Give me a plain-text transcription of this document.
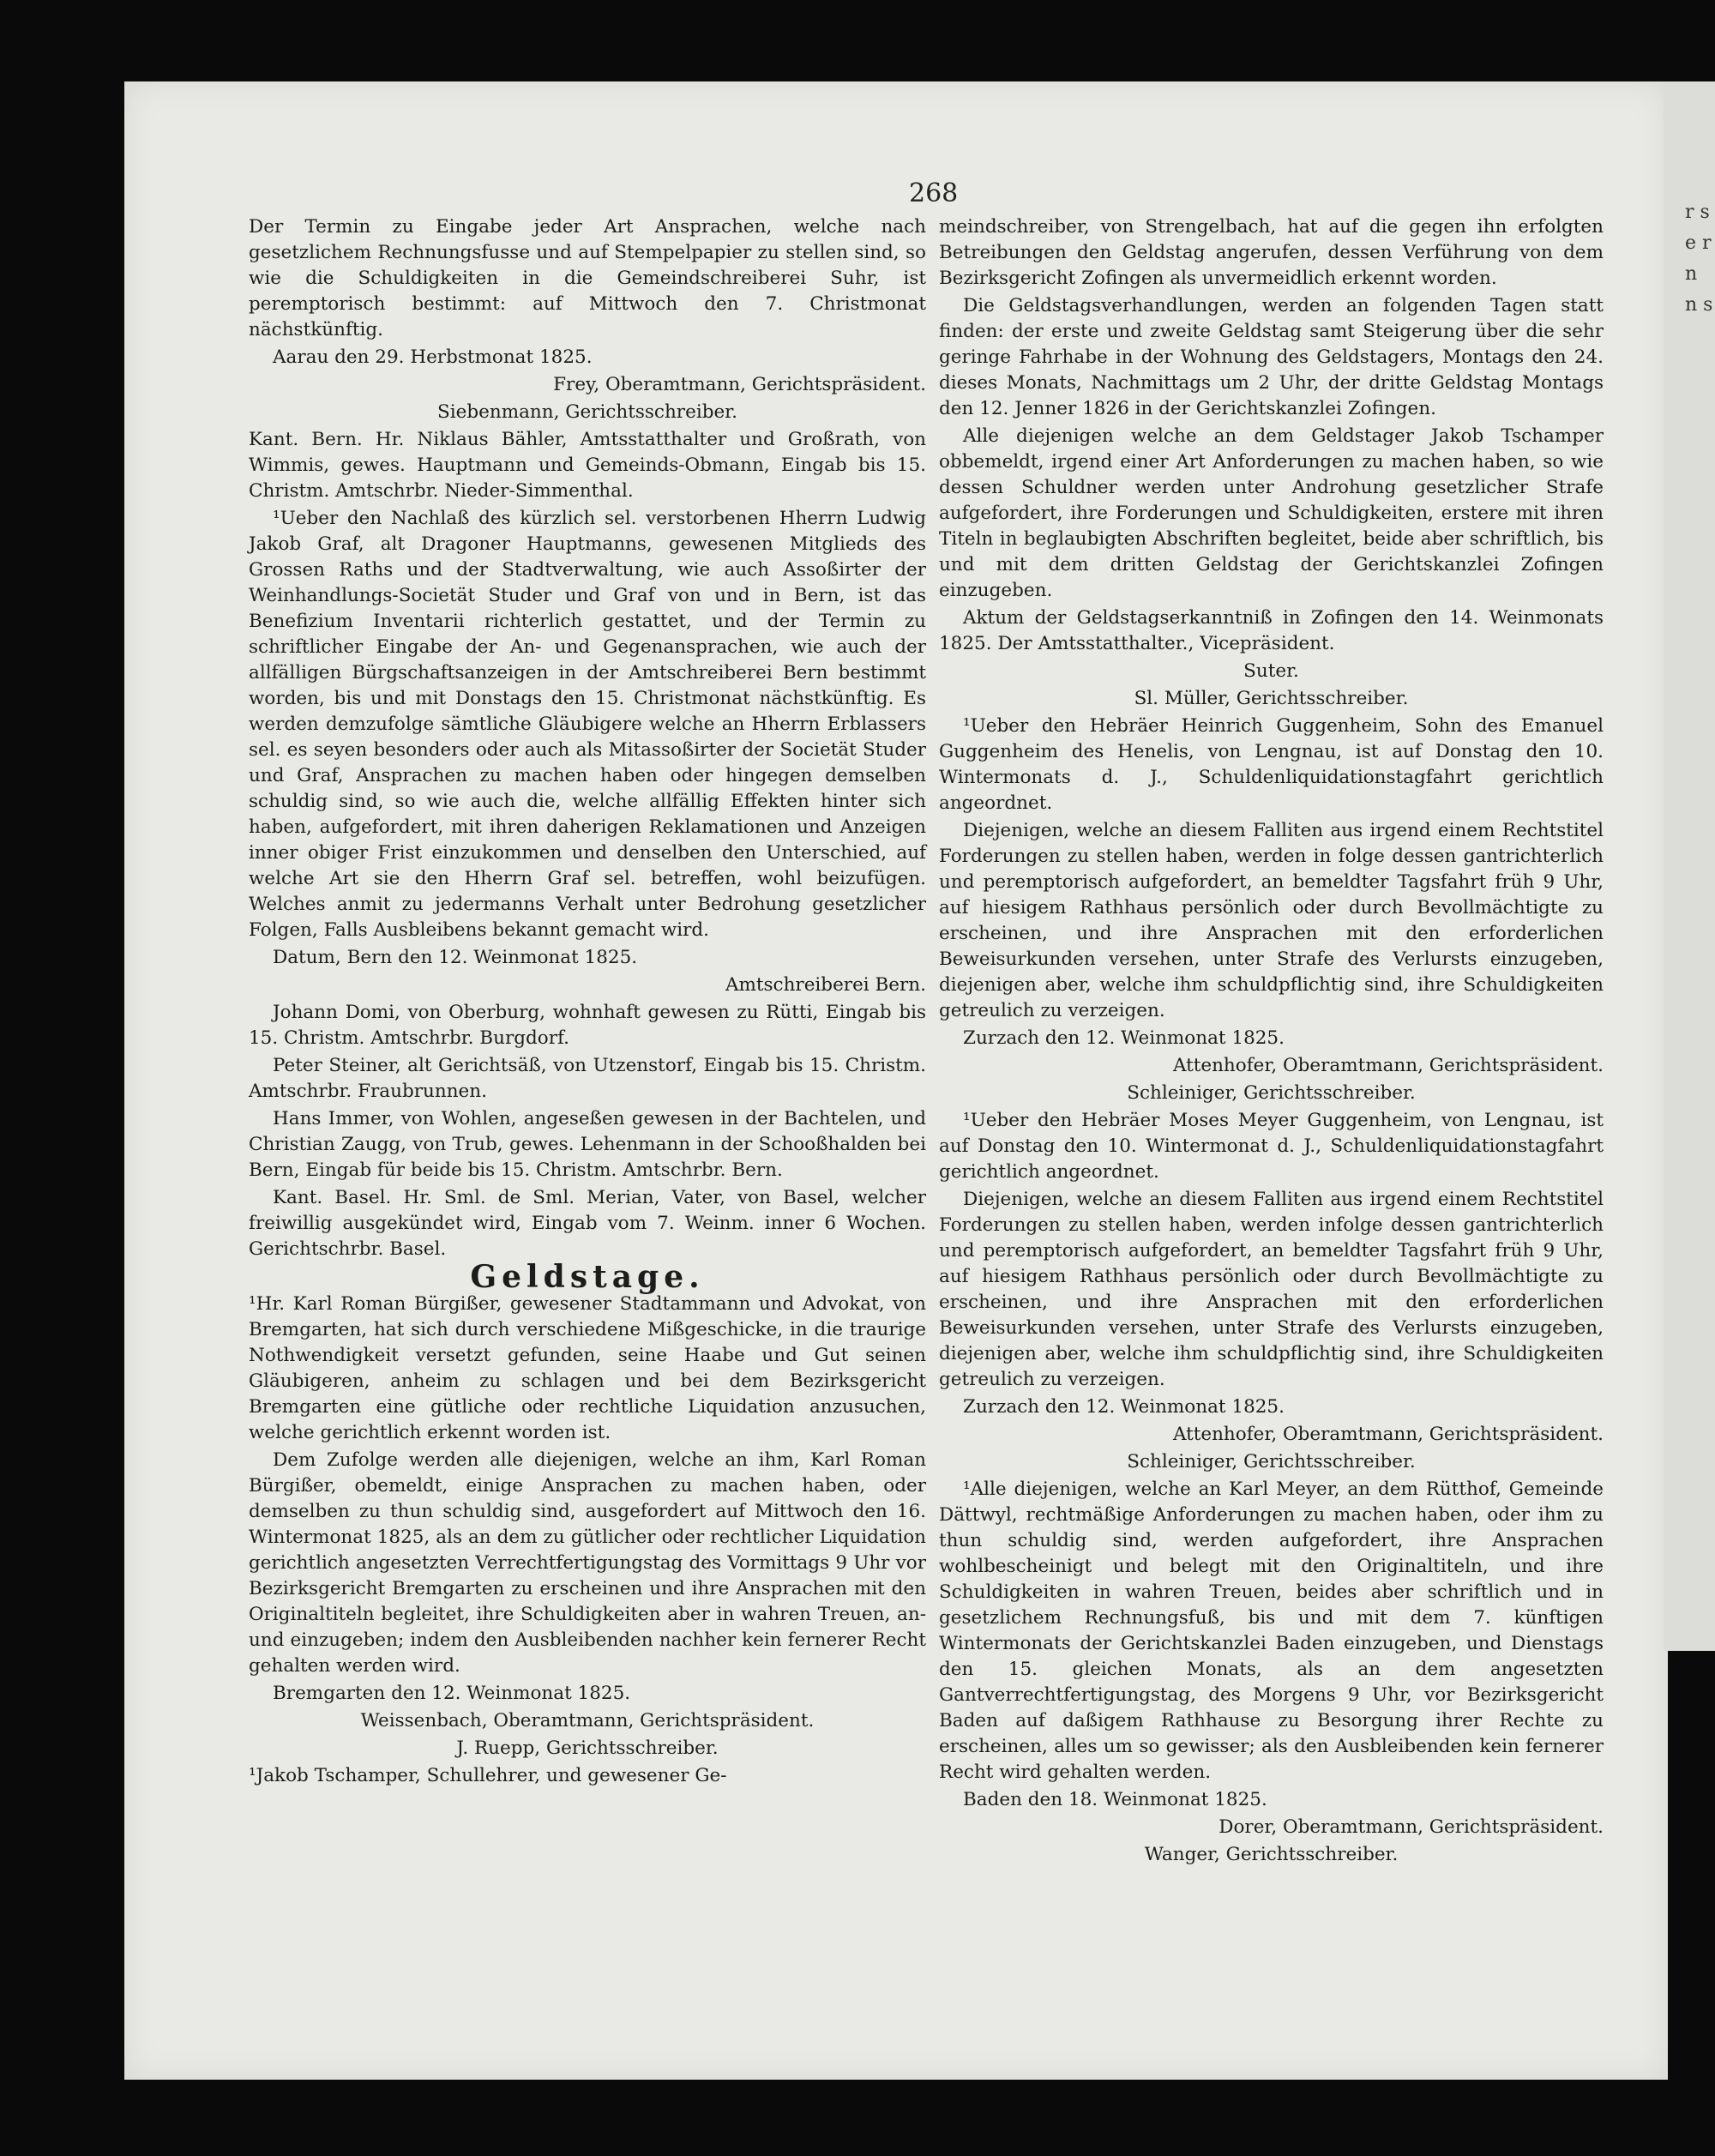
r s e r n n s
268

Der Termin zu Eingabe jeder Art Ansprachen, welche nach gesetzlichem Rechnungsfusse und auf Stempelpapier zu stellen sind, so wie die Schuldigkeiten in die Gemeindschreiberei Suhr, ist peremptorisch bestimmt: auf Mittwoch den 7. Christmonat nächstkünftig.

Aarau den 29. Herbstmonat 1825.

Frey, Oberamtmann, Gerichtspräsident.

Siebenmann, Gerichtsschreiber.

Kant. Bern. Hr. Niklaus Bähler, Amtsstatthalter und Großrath, von Wimmis, gewes. Hauptmann und Gemeinds-Obmann, Eingab bis 15. Christm. Amtschrbr. Nieder-Simmenthal.

¹Ueber den Nachlaß des kürzlich sel. verstorbenen Hherrn Ludwig Jakob Graf, alt Dragoner Hauptmanns, gewesenen Mitglieds des Grossen Raths und der Stadtverwaltung, wie auch Assoßirter der Weinhandlungs-Societät Studer und Graf von und in Bern, ist das Benefizium Inventarii richterlich gestattet, und der Termin zu schriftlicher Eingabe der An- und Gegenansprachen, wie auch der allfälligen Bürgschaftsanzeigen in der Amtschreiberei Bern bestimmt worden, bis und mit Donstags den 15. Christmonat nächstkünftig. Es werden demzufolge sämtliche Gläubigere welche an Hherrn Erblassers sel. es seyen besonders oder auch als Mitassoßirter der Societät Studer und Graf, Ansprachen zu machen haben oder hingegen demselben schuldig sind, so wie auch die, welche allfällig Effekten hinter sich haben, aufgefordert, mit ihren daherigen Reklamationen und Anzeigen inner obiger Frist einzukommen und denselben den Unterschied, auf welche Art sie den Hherrn Graf sel. betreffen, wohl beizufügen. Welches anmit zu jedermanns Verhalt unter Bedrohung gesetzlicher Folgen, Falls Ausbleibens bekannt gemacht wird.

Datum, Bern den 12. Weinmonat 1825.

Amtschreiberei Bern.

Johann Domi, von Oberburg, wohnhaft gewesen zu Rütti, Eingab bis 15. Christm. Amtschrbr. Burgdorf.

Peter Steiner, alt Gerichtsäß, von Utzenstorf, Eingab bis 15. Christm. Amtschrbr. Fraubrunnen.

Hans Immer, von Wohlen, angeseßen gewesen in der Bachtelen, und Christian Zaugg, von Trub, gewes. Lehenmann in der Schooßhalden bei Bern, Eingab für beide bis 15. Christm. Amtschrbr. Bern.

Kant. Basel. Hr. Sml. de Sml. Merian, Vater, von Basel, welcher freiwillig ausgekündet wird, Eingab vom 7. Weinm. inner 6 Wochen. Gerichtschrbr. Basel.

Geldstage.

¹Hr. Karl Roman Bürgißer, gewesener Stadtammann und Advokat, von Bremgarten, hat sich durch verschiedene Mißgeschicke, in die traurige Nothwendigkeit versetzt gefunden, seine Haabe und Gut seinen Gläubigeren, anheim zu schlagen und bei dem Bezirksgericht Bremgarten eine gütliche oder rechtliche Liquidation anzusuchen, welche gerichtlich erkennt worden ist.

Dem Zufolge werden alle diejenigen, welche an ihm, Karl Roman Bürgißer, obemeldt, einige Ansprachen zu machen haben, oder demselben zu thun schuldig sind, ausgefordert auf Mittwoch den 16. Wintermonat 1825, als an dem zu gütlicher oder rechtlicher Liquidation gerichtlich angesetzten Verrechtfertigungstag des Vormittags 9 Uhr vor Bezirksgericht Bremgarten zu erscheinen und ihre Ansprachen mit den Originaltiteln begleitet, ihre Schuldigkeiten aber in wahren Treuen, an- und einzugeben; indem den Ausbleibenden nachher kein fernerer Recht gehalten werden wird.

Bremgarten den 12. Weinmonat 1825.

Weissenbach, Oberamtmann, Gerichtspräsident.

J. Ruepp, Gerichtsschreiber.

¹Jakob Tschamper, Schullehrer, und gewesener Ge-

meindschreiber, von Strengelbach, hat auf die gegen ihn erfolgten Betreibungen den Geldstag angerufen, dessen Verführung von dem Bezirksgericht Zofingen als unvermeidlich erkennt worden.

Die Geldstagsverhandlungen, werden an folgenden Tagen statt finden: der erste und zweite Geldstag samt Steigerung über die sehr geringe Fahrhabe in der Wohnung des Geldstagers, Montags den 24. dieses Monats, Nachmittags um 2 Uhr, der dritte Geldstag Montags den 12. Jenner 1826 in der Gerichtskanzlei Zofingen.

Alle diejenigen welche an dem Geldstager Jakob Tschamper obbemeldt, irgend einer Art Anforderungen zu machen haben, so wie dessen Schuldner werden unter Androhung gesetzlicher Strafe aufgefordert, ihre Forderungen und Schuldigkeiten, erstere mit ihren Titeln in beglaubigten Abschriften begleitet, beide aber schriftlich, bis und mit dem dritten Geldstag der Gerichtskanzlei Zofingen einzugeben.

Aktum der Geldstagserkanntniß in Zofingen den 14. Weinmonats 1825. Der Amtsstatthalter., Vicepräsident.

Suter.

Sl. Müller, Gerichtsschreiber.

¹Ueber den Hebräer Heinrich Guggenheim, Sohn des Emanuel Guggenheim des Henelis, von Lengnau, ist auf Donstag den 10. Wintermonats d. J., Schuldenliquidationstagfahrt gerichtlich angeordnet.

Diejenigen, welche an diesem Falliten aus irgend einem Rechtstitel Forderungen zu stellen haben, werden in folge dessen gantrichterlich und peremptorisch aufgefordert, an bemeldter Tagsfahrt früh 9 Uhr, auf hiesigem Rathhaus persönlich oder durch Bevollmächtigte zu erscheinen, und ihre Ansprachen mit den erforderlichen Beweisurkunden versehen, unter Strafe des Verlursts einzugeben, diejenigen aber, welche ihm schuldpflichtig sind, ihre Schuldigkeiten getreulich zu verzeigen.

Zurzach den 12. Weinmonat 1825.

Attenhofer, Oberamtmann, Gerichtspräsident.

Schleiniger, Gerichtsschreiber.

¹Ueber den Hebräer Moses Meyer Guggenheim, von Lengnau, ist auf Donstag den 10. Wintermonat d. J., Schuldenliquidationstagfahrt gerichtlich angeordnet.

Diejenigen, welche an diesem Falliten aus irgend einem Rechtstitel Forderungen zu stellen haben, werden infolge dessen gantrichterlich und peremptorisch aufgefordert, an bemeldter Tagsfahrt früh 9 Uhr, auf hiesigem Rathhaus persönlich oder durch Bevollmächtigte zu erscheinen, und ihre Ansprachen mit den erforderlichen Beweisurkunden versehen, unter Strafe des Verlursts einzugeben, diejenigen aber, welche ihm schuldpflichtig sind, ihre Schuldigkeiten getreulich zu verzeigen.

Zurzach den 12. Weinmonat 1825.

Attenhofer, Oberamtmann, Gerichtspräsident.

Schleiniger, Gerichtsschreiber.

¹Alle diejenigen, welche an Karl Meyer, an dem Rütthof, Gemeinde Dättwyl, rechtmäßige Anforderungen zu machen haben, oder ihm zu thun schuldig sind, werden aufgefordert, ihre Ansprachen wohlbescheinigt und belegt mit den Originaltiteln, und ihre Schuldigkeiten in wahren Treuen, beides aber schriftlich und in gesetzlichem Rechnungsfuß, bis und mit dem 7. künftigen Wintermonats der Gerichtskanzlei Baden einzugeben, und Dienstags den 15. gleichen Monats, als an dem angesetzten Gantverrechtfertigungstag, des Morgens 9 Uhr, vor Bezirksgericht Baden auf daßigem Rathhause zu Besorgung ihrer Rechte zu erscheinen, alles um so gewisser; als den Ausbleibenden kein fernerer Recht wird gehalten werden.

Baden den 18. Weinmonat 1825.

Dorer, Oberamtmann, Gerichtspräsident.

Wanger, Gerichtsschreiber.
